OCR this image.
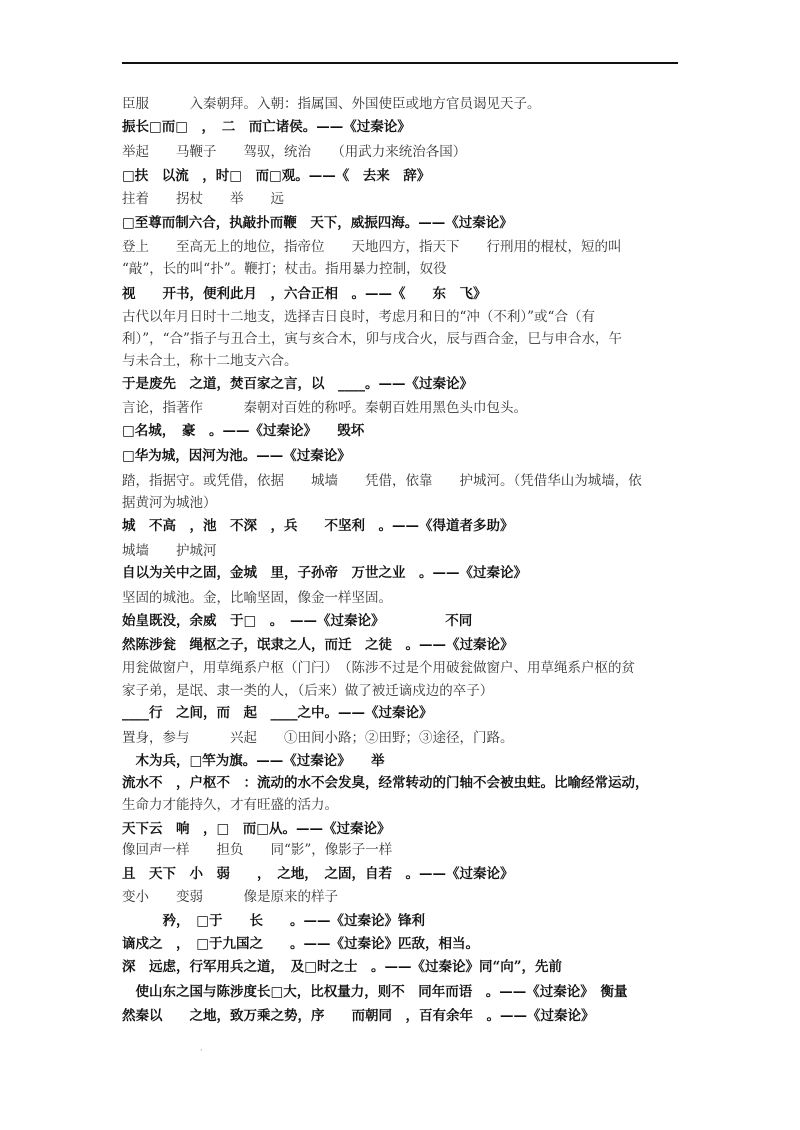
臣服　　　入秦朝拜。入朝：指属国、外国使臣或地方官员谒见天子。
振长□而□　，　二　而亡诸侯。——《过秦论》
举起　　马鞭子　　驾驭，统治　　（用武力来统治各国）
□扶　以流　，时□　而□观。——《　去来　辞》
拄着　　拐杖　　举　　远
□至尊而制六合，执敲扑而鞭　天下，威振四海。——《过秦论》
登上　　至高无上的地位，指帝位　　天地四方，指天下　　行刑用的棍杖，短的叫
“敲”，长的叫“扑”。鞭打；杖击。指用暴力控制，奴役
视　　开书，便利此月　，六合正相　。——《　　东　飞》
古代以年月日时十二地支，选择吉日良时，考虑月和日的“冲（不利）”或“合（有
利）”，“合”指子与丑合土，寅与亥合木，卯与戌合火，辰与酉合金，巳与申合水，午
与未合土，称十二地支六合。
于是废先　之道，焚百家之言，以　____。——《过秦论》
言论，指著作　　　秦朝对百姓的称呼。秦朝百姓用黑色头巾包头。
□名城，　豪　。——《过秦论》　　毁坏
□华为城，因河为池。——《过秦论》
踏，指据守。或凭借，依据　　城墙　　凭借，依靠　　护城河。（凭借华山为城墙，依
据黄河为城池）
城　不高　，池　不深　，兵　　不坚利　。——《得道者多助》
城墙　　护城河
自以为关中之固，金城　里，子孙帝　万世之业　。——《过秦论》
坚固的城池。金，比喻坚固，像金一样坚固。
始皇既没，余威　于□　。　——《过秦论》　　　　　不同
然陈涉瓮　绳枢之子，氓隶之人，而迁　之徒　。——《过秦论》
用瓮做窗户，用草绳系户枢（门闩）　（陈涉不过是个用破瓮做窗户、用草绳系户枢的贫
家子弟，是氓、隶一类的人，（后来）做了被迁谪戍边的卒子）
____行　之间，而　起　____之中。——《过秦论》
置身，参与　　　兴起　　①田间小路；②田野；③途径，门路。
　木为兵，□竿为旗。——《过秦论》　　举
流水不　，户枢不　：流动的水不会发臭，经常转动的门轴不会被虫蛀。比喻经常运动，
生命力才能持久，才有旺盛的活力。
天下云　响　，□　而□从。——《过秦论》
像回声一样　　担负　　同“影”，像影子一样
且　天下　小　弱　　，　之地，　之固，自若　。——《过秦论》
变小　　变弱　　　像是原来的样子
　　　矜，　□于　　长　　。——《过秦论》锋利
谪戍之　，　□于九国之　　。——《过秦论》匹敌，相当。
深　远虑，行军用兵之道，　及□时之士　。——《过秦论》同“向”，先前
　使山东之国与陈涉度长□大，比权量力，则不　同年而语　。——《过秦论》　衡量
然秦以　　之地，致万乘之势，序　　而朝同　，百有余年　。——《过秦论》
·
